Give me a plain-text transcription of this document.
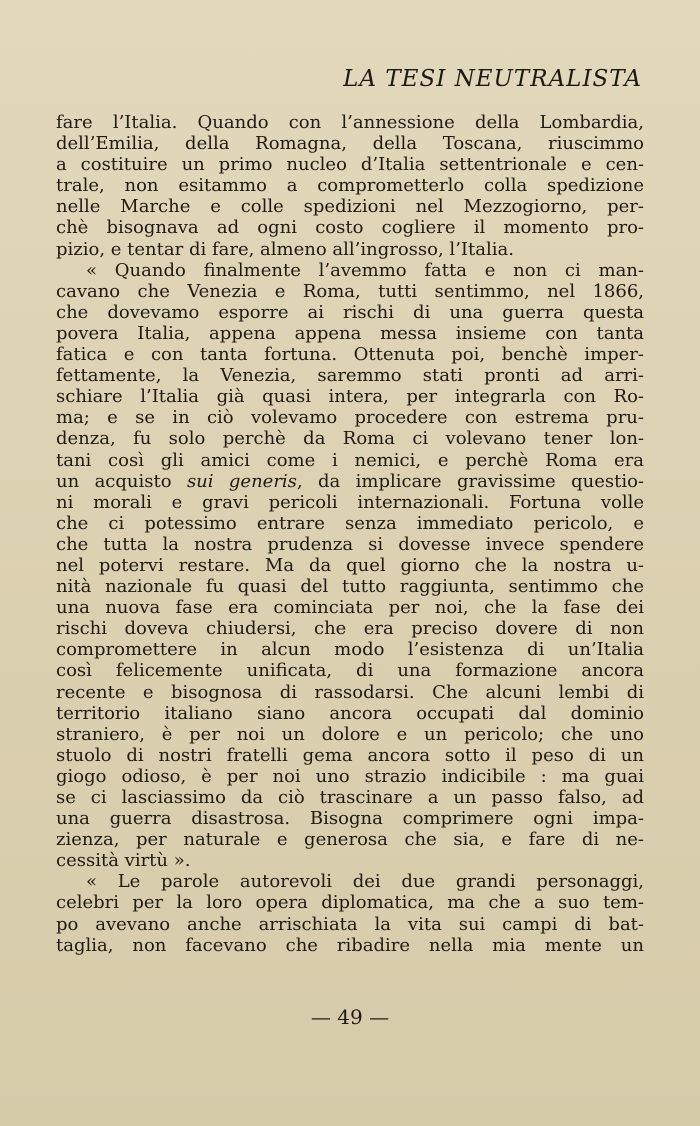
LA TESI NEUTRALISTA
fare l’Italia. Quando con l’annessione della Lombardia,
dell’Emilia, della Romagna, della Toscana, riuscimmo
a costituire un primo nucleo d’Italia settentrionale e cen-
trale, non esitammo a comprometterlo colla spedizione
nelle Marche e colle spedizioni nel Mezzogiorno, per-
chè bisognava ad ogni costo cogliere il momento pro-
pizio, e tentar di fare, almeno all’ingrosso, l’Italia.
« Quando finalmente l’avemmo fatta e non ci man-
cavano che Venezia e Roma, tutti sentimmo, nel 1866,
che dovevamo esporre ai rischi di una guerra questa
povera Italia, appena appena messa insieme con tanta
fatica e con tanta fortuna. Ottenuta poi, benchè imper-
fettamente, la Venezia, saremmo stati pronti ad arri-
schiare l’Italia già quasi intera, per integrarla con Ro-
ma; e se in ciò volevamo procedere con estrema pru-
denza, fu solo perchè da Roma ci volevano tener lon-
tani così gli amici come i nemici, e perchè Roma era
un acquisto sui generis, da implicare gravissime questio-
ni morali e gravi pericoli internazionali. Fortuna volle
che ci potessimo entrare senza immediato pericolo, e
che tutta la nostra prudenza si dovesse invece spendere
nel potervi restare. Ma da quel giorno che la nostra u-
nità nazionale fu quasi del tutto raggiunta, sentimmo che
una nuova fase era cominciata per noi, che la fase dei
rischi doveva chiudersi, che era preciso dovere di non
compromettere in alcun modo l’esistenza di un’Italia
così felicemente unificata, di una formazione ancora
recente e bisognosa di rassodarsi. Che alcuni lembi di
territorio italiano siano ancora occupati dal dominio
straniero, è per noi un dolore e un pericolo; che uno
stuolo di nostri fratelli gema ancora sotto il peso di un
giogo odioso, è per noi uno strazio indicibile : ma guai
se ci lasciassimo da ciò trascinare a un passo falso, ad
una guerra disastrosa. Bisogna comprimere ogni impa-
zienza, per naturale e generosa che sia, e fare di ne-
cessità virtù ».
« Le parole autorevoli dei due grandi personaggi,
celebri per la loro opera diplomatica, ma che a suo tem-
po avevano anche arrischiata la vita sui campi di bat-
taglia, non facevano che ribadire nella mia mente un
— 49 —
